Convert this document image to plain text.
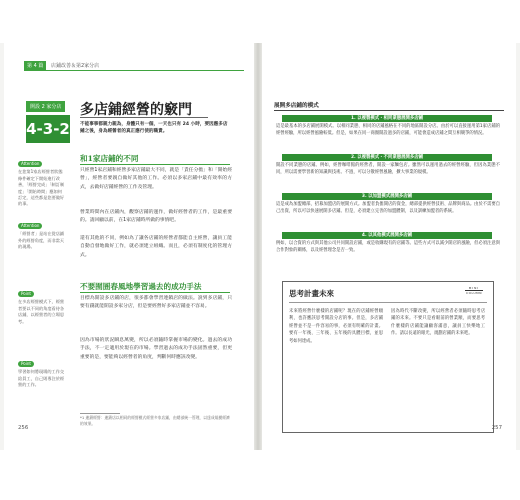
第 4 篇 店鋪改善＆第2家分店
開設 2 家分店
4-3-2
多店鋪經營的竅門
不能事事都親力親為，身體只有一個，一天也只有 24 小時，要因應多店鋪之後，身為經營者的真正應行使的職責。
Attention
在您第1家店經營者狀態條件確定下開始進行改善，「經營完成」「制訂制度」「開始時間」應如何訂定，這些都是您要做好的事。
Attention
「經營者」是站在從店鋪外的經營角度，而非當天的現場。
Point
在多店經營模式下，經營者要以不同的角度看待各店鋪，以經營者的立場思考。
Point
學習如何將現場的工作交給員工，自己則專注於經營的工作。
和1家店鋪的不同
只經營1家店鋪和經營多家店鋪最大不同，就是「責任分擔」和「開始經營」，經營者要親自做好其他的工作。必須以多家店鋪中最有效率的方式，去做好店鋪經營的工作及管理。
營業時間內在店鋪內，觀察店鋪的運作，做好經營者的工作，是最重要的。請回顧以前，在1家店鋪時所做的事情吧。
還有其他的不同，例如為了讓各店鋪的經營者都能自主經營，讓員工能自動自發地做好工作，就必須建立組織。而且，必須有制度化的管理方式。
不要囿圄春風地學習過去的成功手法
目標為開設多店鋪的店，很多都會學習連鎖店的做法。說到多店鋪，只要有錢就能開設多家分店，但是要經營好多家店鋪並不容易。
因為市場的狀況瞬息萬變，所以必須隨時掌握市場的變化。過去的成功手法，不一定適用於現在的市場。學習過去的成功手法固然重要，但更重要的是，要能夠以經營者的角度，判斷何時應該改變。
*1 連鎖經營：連鎖店以相同的經營模式經營多家店鋪，由總部統一管理，以達成規模經濟的效果。
256
展開多店鋪的模式
1. 以複製模式・相同業態展開多店鋪
這是最基本的多店鋪展開模式。以相同業態、相同的店鋪風格在不同的地區開設分店。由於可以直接運用第1家店鋪的經營經驗，所以經營風險較低。但是，如果在同一商圈開設過多的店鋪，可能會造成店鋪之間互相競爭的情況。
2. 以複製模式・不同業態展開多店鋪
開設不同業態的店鋪。例如，經營咖啡館的經營者，開設一家麵包店。雖然可以運用過去的經營經驗，但因為業態不同，所以需要學習新的知識與技術。不過，可以分散經營風險，擴大事業的規模。
3. 以加盟模式展開多店鋪
這是成為加盟總部，招募加盟店的展開方式。加盟者負擔開店的資金，總部提供經營技術、品牌與商品。由於不需要自己出資，所以可以快速展開多店鋪。但是，必須建立完善的加盟體制，以及訓練加盟者的系統。
4. 以其他模式展開多店鋪
例如，以合資的方式與其他公司共同開設店鋪，或是收購現有的店鋪等。這些方式可以減少開店的風險，但必須注意與合作對象的關係，以及經營理念是否一致。
思考計畫未來
MINI
COLUMN
未來將經營什麼樣的店鋪呢？現在的店鋪經營順利，也許應該思考開設分店的事。但是，多店鋪經營並不是一件容易的事，必須有明確的計畫。要有一年後、三年後、五年後的具體目標，並思考如何達成。
因為時代不斷改變，所以經營者必須隨時思考店鋪的未來。不要只是看眼前的營業額，而要思考什麼樣的店鋪能讓顧客滿意，讓員工快樂地工作。請以長遠的眼光，規劃店鋪的未來吧。
257
